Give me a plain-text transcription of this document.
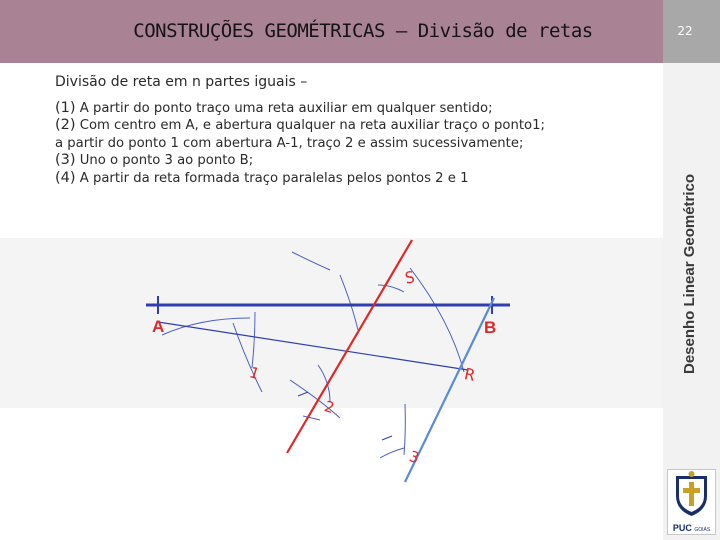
CONSTRUÇÕES GEOMÉTRICAS – Divisão de retas	22
Desenho Linear Geométrico
PUC GOIÁS
Divisão de reta em n partes iguais –
(1) A partir do ponto traço uma reta auxiliar em qualquer sentido;
(2) Com centro em A, e abertura qualquer na reta auxiliar traço o ponto1; a partir do ponto 1 com abertura A-1, traço 2 e assim sucessivamente;
(3) Uno o ponto 3 ao ponto B;
(4) A partir da reta formada traço paralelas pelos pontos 2 e 1
A	B
S
R
1
2
3
